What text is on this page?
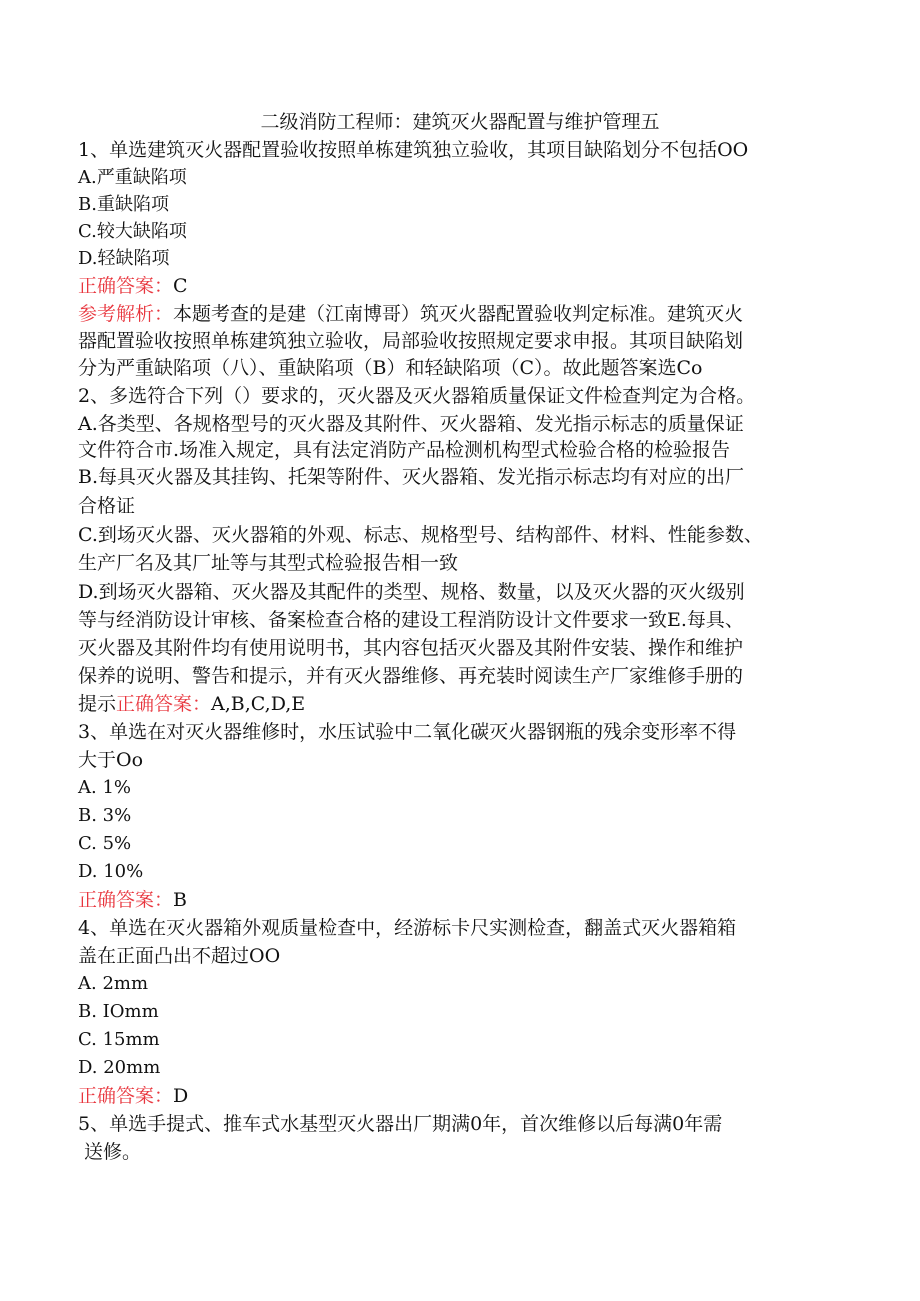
二级消防工程师：建筑灭火器配置与维护管理五
1、单选建筑灭火器配置验收按照单栋建筑独立验收，其项目缺陷划分不包括OO
A.严重缺陷项
B.重缺陷项
C.较大缺陷项
D.轻缺陷项
正确答案：C
参考解析：本题考查的是建（江南博哥）筑灭火器配置验收判定标准。建筑灭火
器配置验收按照单栋建筑独立验收，局部验收按照规定要求申报。其项目缺陷划
分为严重缺陷项（八）、重缺陷项（B）和轻缺陷项（C）。故此题答案选Co
2、多选符合下列（）要求的，灭火器及灭火器箱质量保证文件检查判定为合格。
A.各类型、各规格型号的灭火器及其附件、灭火器箱、发光指示标志的质量保证
文件符合市.场准入规定，具有法定消防产品检测机构型式检验合格的检验报告
B.每具灭火器及其挂钩、托架等附件、灭火器箱、发光指示标志均有对应的出厂
合格证
C.到场灭火器、灭火器箱的外观、标志、规格型号、结构部件、材料、性能参数、
生产厂名及其厂址等与其型式检验报告相一致
D.到场灭火器箱、灭火器及其配件的类型、规格、数量，以及灭火器的灭火级别
等与经消防设计审核、备案检查合格的建设工程消防设计文件要求一致E.每具、
灭火器及其附件均有使用说明书，其内容包括灭火器及其附件安装、操作和维护
保养的说明、警告和提示，并有灭火器维修、再充装时阅读生产厂家维修手册的
提示正确答案：A,B,C,D,E
3、单选在对灭火器维修时，水压试验中二氧化碳灭火器钢瓶的残余变形率不得
大于Oo
A. 1%
B. 3%
C. 5%
D. 10%
正确答案：B
4、单选在灭火器箱外观质量检查中，经游标卡尺实测检查，翻盖式灭火器箱箱
盖在正面凸出不超过OO
A. 2mm
B. IOmm
C. 15mm
D. 20mm
正确答案：D
5、单选手提式、推车式水基型灭火器出厂期满0年，首次维修以后每满0年需
送修。
